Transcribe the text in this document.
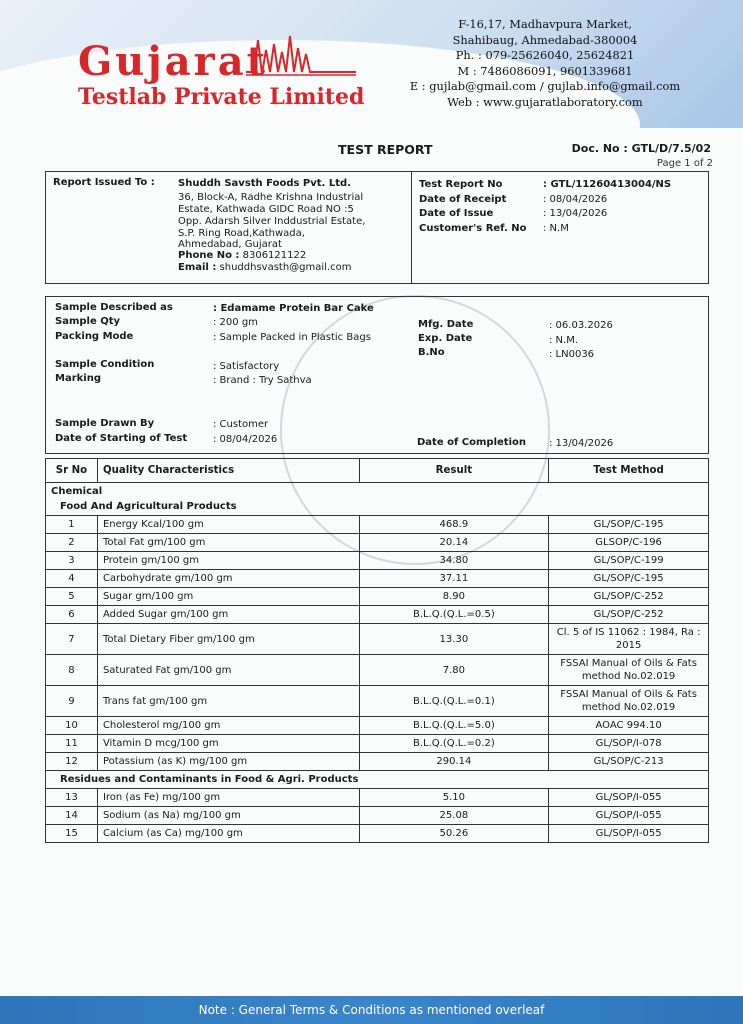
Gujarat
Testlab Private Limited
F-16,17, Madhavpura Market,
Shahibaug, Ahmedabad-380004
Ph. : 079-25626040, 25624821
M : 7486086091, 9601339681
E : gujlab@gmail.com / gujlab.info@gmail.com
Web : www.gujaratlaboratory.com
TEST REPORT	Doc. No : GTL/D/7.5/02
Page 1 of 2
Report Issued To : Shuddh Savsth Foods Pvt. Ltd.
36, Block-A, Radhe Krishna Industrial
Estate, Kathwada GIDC Road NO :5
Opp. Adarsh Silver Inddustrial Estate,
S.P. Ring Road,Kathwada,
Ahmedabad, Gujarat
Phone No : 8306121122
Email : shuddhsvasth@gmail.com
Test Report No	: GTL/11260413004/NS
Date of Receipt	: 08/04/2026
Date of Issue	: 13/04/2026
Customer's Ref. No : N.M
Sample Described as	: Edamame Protein Bar Cake
Sample Qty	: 200 gm
Packing Mode	: Sample Packed in Plastic Bags
Mfg. Date	: 06.03.2026
Exp. Date	: N.M.
B.No	: LN0036
Sample Condition	: Satisfactory
Marking	: Brand : Try Sathva
Sample Drawn By	: Customer
Date of Starting of Test	: 08/04/2026	Date of Completion : 13/04/2026
Sr No	Quality Characteristics	Result	Test Method
Chemical			
Food And Agricultural Products			
1	Energy Kcal/100 gm	468.9	GL/SOP/C-195
2	Total Fat gm/100 gm	20.14	GLSOP/C-196
3	Protein gm/100 gm	34.80	GL/SOP/C-199
4	Carbohydrate gm/100 gm	37.11	GL/SOP/C-195
5	Sugar gm/100 gm	8.90	GL/SOP/C-252
6	Added Sugar gm/100 gm	B.L.Q.(Q.L.=0.5)	GL/SOP/C-252
7	Total Dietary Fiber gm/100 gm	13.30	Cl. 5 of IS 11062 : 1984, Ra : 2015
8	Saturated Fat gm/100 gm	7.80	FSSAI Manual of Oils & Fats method No.02.019
9	Trans fat gm/100 gm	B.L.Q.(Q.L.=0.1)	FSSAI Manual of Oils & Fats method No.02.019
10	Cholesterol mg/100 gm	B.L.Q.(Q.L.=5.0)	AOAC 994.10
11	Vitamin D mcg/100 gm	B.L.Q.(Q.L.=0.2)	GL/SOP/I-078
12	Potassium (as K) mg/100 gm	290.14	GL/SOP/C-213
Residues and Contaminants in Food & Agri. Products			
13	Iron (as Fe) mg/100 gm	5.10	GL/SOP/I-055
14	Sodium (as Na) mg/100 gm	25.08	GL/SOP/I-055
15	Calcium (as Ca) mg/100 gm	50.26	GL/SOP/I-055
Note : General Terms & Conditions as mentioned overleaf
